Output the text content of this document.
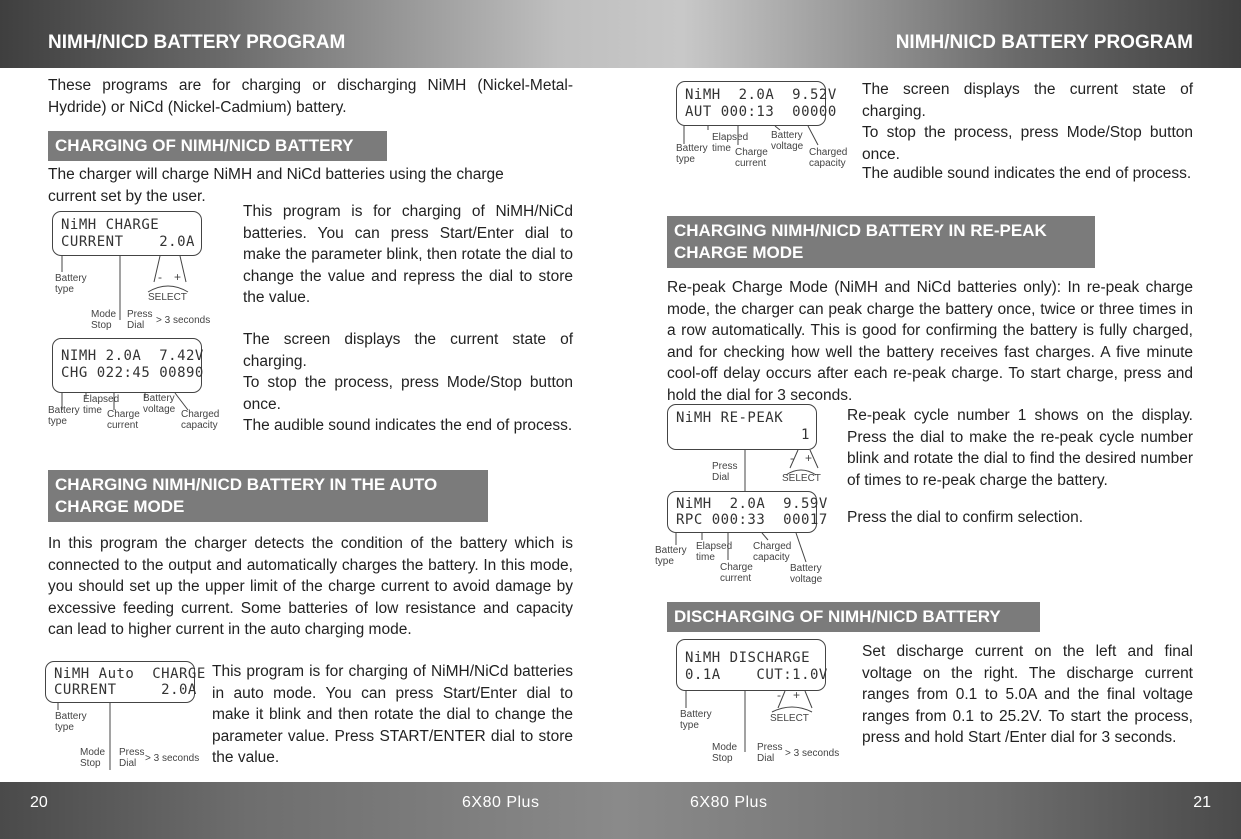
NIMH/NICD BATTERY PROGRAM	NIMH/NICD BATTERY PROGRAM

These programs are for charging or discharging NiMH (Nickel-Metal-Hydride) or NiCd (Nickel-Cadmium) battery.

CHARGING OF NIMH/NICD BATTERY

The charger will charge NiMH and NiCd batteries using the charge current set by the user.

NiMH CHARGE
CURRENT    2.0A
Battery
type
- +
SELECT
Mode
Stop
Press
Dial	> 3 seconds
NIMH 2.0A  7.42V
CHG 022:45 00890
Battery
type
Elapsed
time Charge
current
Battery
voltage Charged
capacity

This program is for charging of NiMH/NiCd batteries. You can press Start/Enter dial to make the parameter blink, then rotate the dial to change the value and repress the dial to store the value.

The screen displays the current state of charging.

To stop the process, press Mode/Stop button once.

The audible sound indicates the end of process.

CHARGING NIMH/NICD BATTERY IN THE AUTO CHARGE MODE

In this program the charger detects the condition of the battery which is connected to the output and automatically charges the battery. In this mode, you should set up the upper limit of the charge current to avoid damage by excessive feeding current. Some batteries of low resistance and capacity can lead to higher current in the auto charging mode.

NiMH Auto  CHARGE
CURRENT     2.0A
Battery
type
Mode
Stop
Press
Dial > 3 seconds

This program is for charging of NiMH/NiCd batteries in auto mode. You can press Start/Enter dial to make it blink and then rotate the dial to change the parameter value. Press START/ENTER dial to store the value.

NiMH  2.0A  9.52V
AUT 000:13  00000
Battery
type
Elapsed
time Charge
current
Battery
voltage
Charged
capacity

The screen displays the current state of charging.

To stop the process, press Mode/Stop button once.

The audible sound indicates the end of process.

CHARGING NIMH/NICD BATTERY IN RE-PEAK CHARGE MODE

Re-peak Charge Mode (NiMH and NiCd batteries only): In re-peak charge mode, the charger can peak charge the battery once, twice or three times in a row automatically. This is good for confirming the battery is fully charged, and for checking how well the battery receives fast charges. A five minute cool-off delay occurs after each re-peak charge. To start charge, press and hold the dial for 3 seconds.

NiMH RE-PEAK
1
Press
Dial
- +
SELECT
NiMH  2.0A  9.59V
RPC 000:33  00017
Battery
type
Elapsed
time
Charge
current
Charged
capacity
Battery
voltage

Re-peak cycle number 1 shows on the display. Press the dial to make the re-peak cycle number blink and rotate the dial to find the desired number of times to re-peak charge the battery.

Press the dial to confirm selection.

DISCHARGING OF NIMH/NICD BATTERY
NiMH DISCHARGE
0.1A    CUT:1.0V
Battery
type
- +
SELECT
Mode
Stop
Press
Dial	> 3 seconds

Set discharge current on the left and final voltage on the right. The discharge current ranges from 0.1 to 5.0A and the final voltage ranges from 0.1 to 25.2V. To start the process, press and hold Start /Enter dial for 3 seconds.

20	6X80 Plus	6X80 Plus	21
